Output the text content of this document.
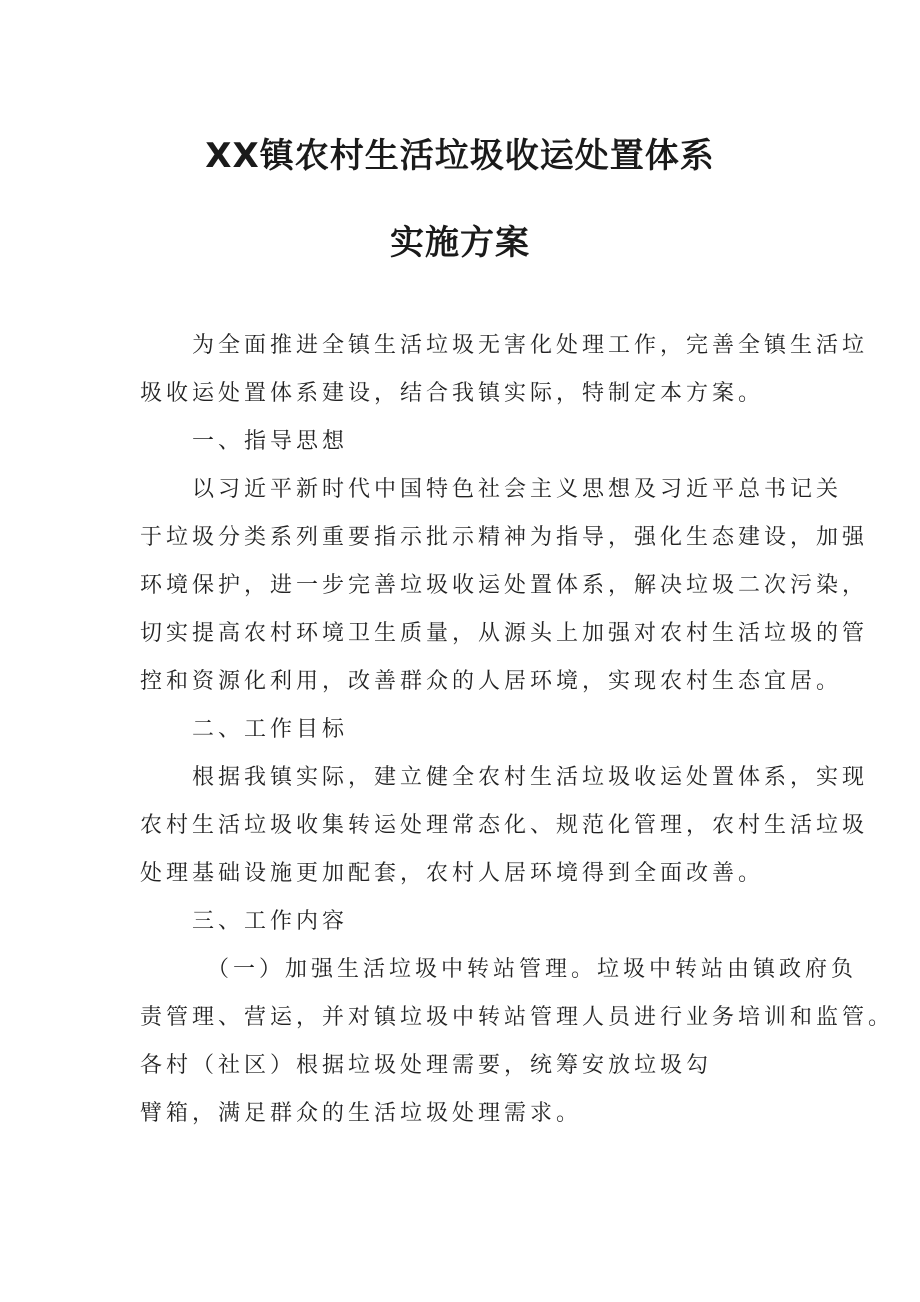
XX镇农村生活垃圾收运处置体系
实施方案
　　为全面推进全镇生活垃圾无害化处理工作，完善全镇生活垃
圾收运处置体系建设，结合我镇实际，特制定本方案。
　　一、指导思想
　　以习近平新时代中国特色社会主义思想及习近平总书记关
于垃圾分类系列重要指示批示精神为指导，强化生态建设，加强
环境保护，进一步完善垃圾收运处置体系，解决垃圾二次污染，
切实提高农村环境卫生质量，从源头上加强对农村生活垃圾的管
控和资源化利用，改善群众的人居环境，实现农村生态宜居。
　　二、工作目标
　　根据我镇实际，建立健全农村生活垃圾收运处置体系，实现
农村生活垃圾收集转运处理常态化、规范化管理，农村生活垃圾
处理基础设施更加配套，农村人居环境得到全面改善。
　　三、工作内容
　　　（一）加强生活垃圾中转站管理。垃圾中转站由镇政府负
责管理、营运，并对镇垃圾中转站管理人员进行业务培训和监管。
各村（社区）根据垃圾处理需要，统筹安放垃圾勾
臂箱，满足群众的生活垃圾处理需求。
